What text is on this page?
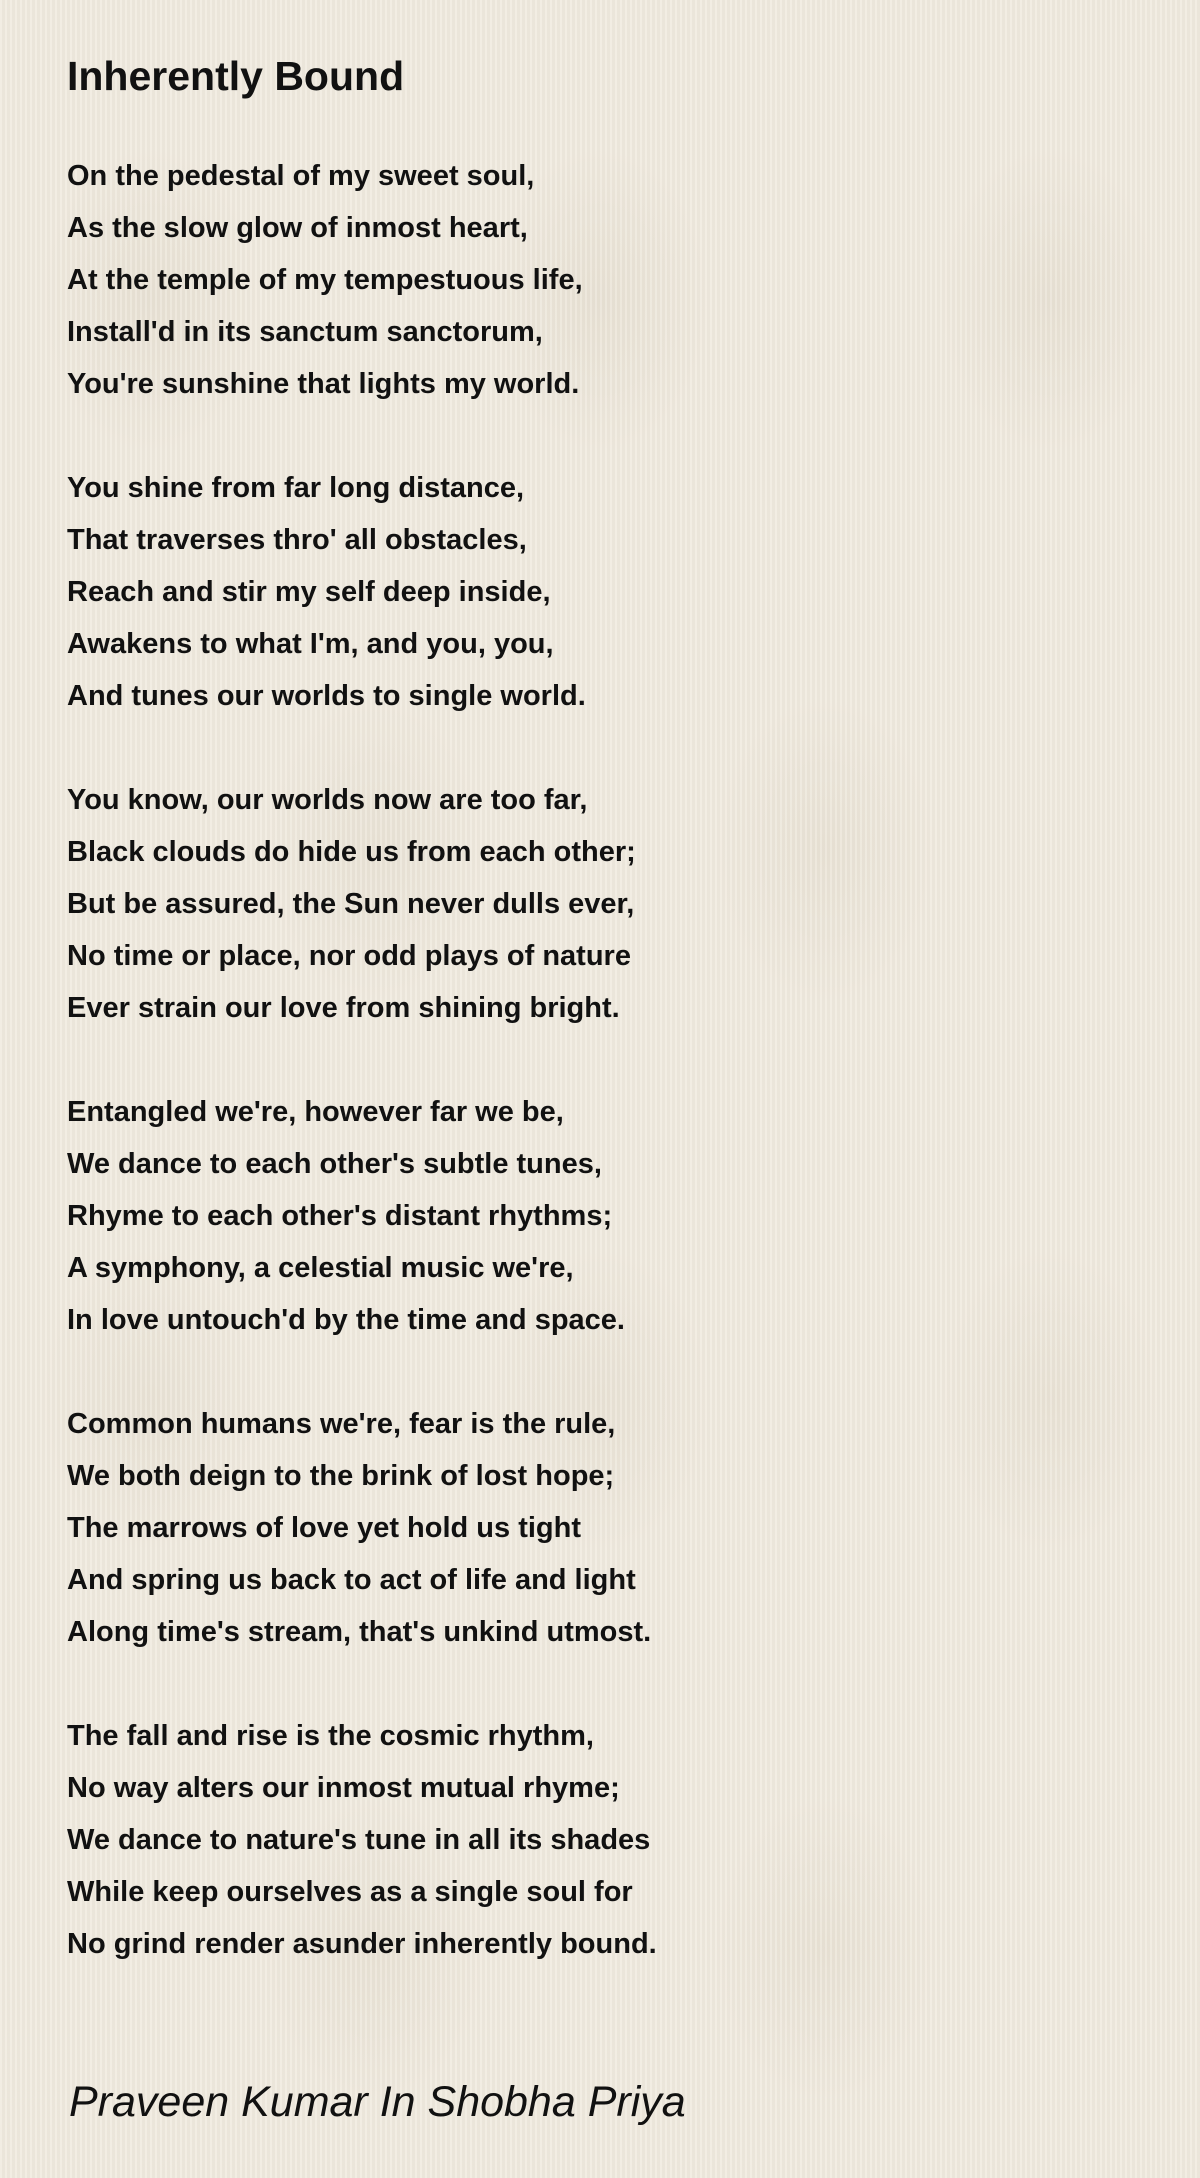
Inherently Bound
On the pedestal of my sweet soul,
As the slow glow of inmost heart,
At the temple of my tempestuous life,
Install'd in its sanctum sanctorum,
You're sunshine that lights my world.
You shine from far long distance,
That traverses thro' all obstacles,
Reach and stir my self deep inside,
Awakens to what I'm, and you, you,
And tunes our worlds to single world.
You know, our worlds now are too far,
Black clouds do hide us from each other;
But be assured, the Sun never dulls ever,
No time or place, nor odd plays of nature
Ever strain our love from shining bright.
Entangled we're, however far we be,
We dance to each other's subtle tunes,
Rhyme to each other's distant rhythms;
A symphony, a celestial music we're,
In love untouch'd by the time and space.
Common humans we're, fear is the rule,
We both deign to the brink of lost hope;
The marrows of love yet hold us tight
And spring us back to act of life and light
Along time's stream, that's unkind utmost.
The fall and rise is the cosmic rhythm,
No way alters our inmost mutual rhyme;
We dance to nature's tune in all its shades
While keep ourselves as a single soul for
No grind render asunder inherently bound.
Praveen Kumar In Shobha Priya
